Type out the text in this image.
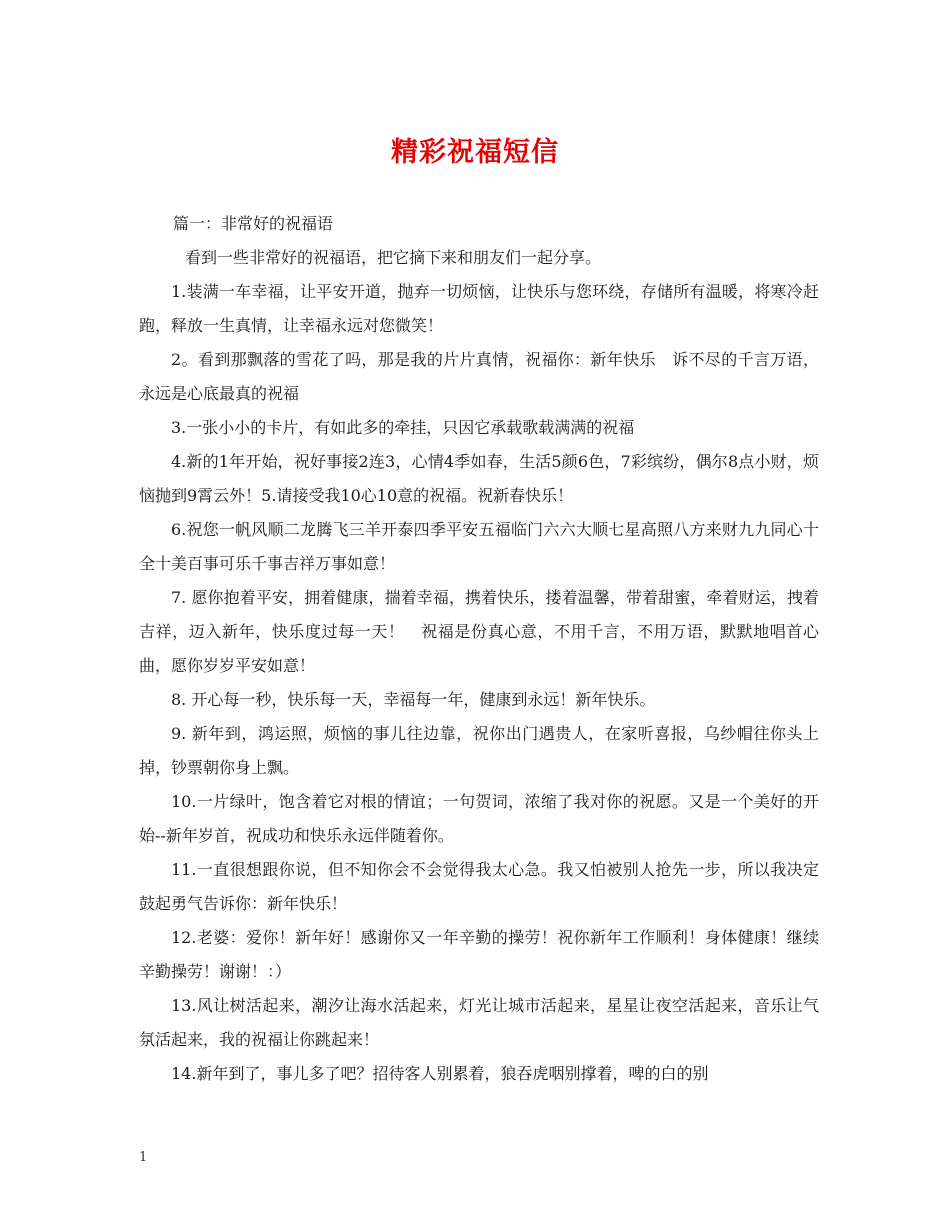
精彩祝福短信

篇一：非常好的祝福语

看到一些非常好的祝福语，把它摘下来和朋友们一起分享。

1.装满一车幸福，让平安开道，抛弃一切烦恼，让快乐与您环绕，存储所有温暖，将寒冷赶跑，释放一生真情，让幸福永远对您微笑！

2。看到那飘落的雪花了吗，那是我的片片真情，祝福你：新年快乐　诉不尽的千言万语，永远是心底最真的祝福

3.一张小小的卡片，有如此多的牵挂，只因它承载歌载满满的祝福

4.新的1年开始，祝好事接2连3，心情4季如春，生活5颜6色，7彩缤纷，偶尔8点小财，烦恼抛到9霄云外！5.请接受我10心10意的祝福。祝新春快乐！

6.祝您一帆风顺二龙腾飞三羊开泰四季平安五福临门六六大顺七星高照八方来财九九同心十全十美百事可乐千事吉祥万事如意！

7. 愿你抱着平安，拥着健康，揣着幸福，携着快乐，搂着温馨，带着甜蜜，牵着财运，拽着吉祥，迈入新年，快乐度过每一天！　祝福是份真心意，不用千言，不用万语，默默地唱首心曲，愿你岁岁平安如意！

8. 开心每一秒，快乐每一天，幸福每一年，健康到永远！新年快乐。

9. 新年到，鸿运照，烦恼的事儿往边靠，祝你出门遇贵人，在家听喜报，乌纱帽往你头上掉，钞票朝你身上飘。

10.一片绿叶，饱含着它对根的情谊；一句贺词，浓缩了我对你的祝愿。又是一个美好的开始--新年岁首，祝成功和快乐永远伴随着你。

11.一直很想跟你说，但不知你会不会觉得我太心急。我又怕被别人抢先一步，所以我决定鼓起勇气告诉你：新年快乐！

12.老婆：爱你！新年好！感谢你又一年辛勤的操劳！祝你新年工作顺利！身体健康！继续辛勤操劳！谢谢！：）

13.风让树活起来，潮汐让海水活起来，灯光让城市活起来，星星让夜空活起来，音乐让气氛活起来，我的祝福让你跳起来！

14.新年到了，事儿多了吧？招待客人别累着，狼吞虎咽别撑着，啤的白的别

1
